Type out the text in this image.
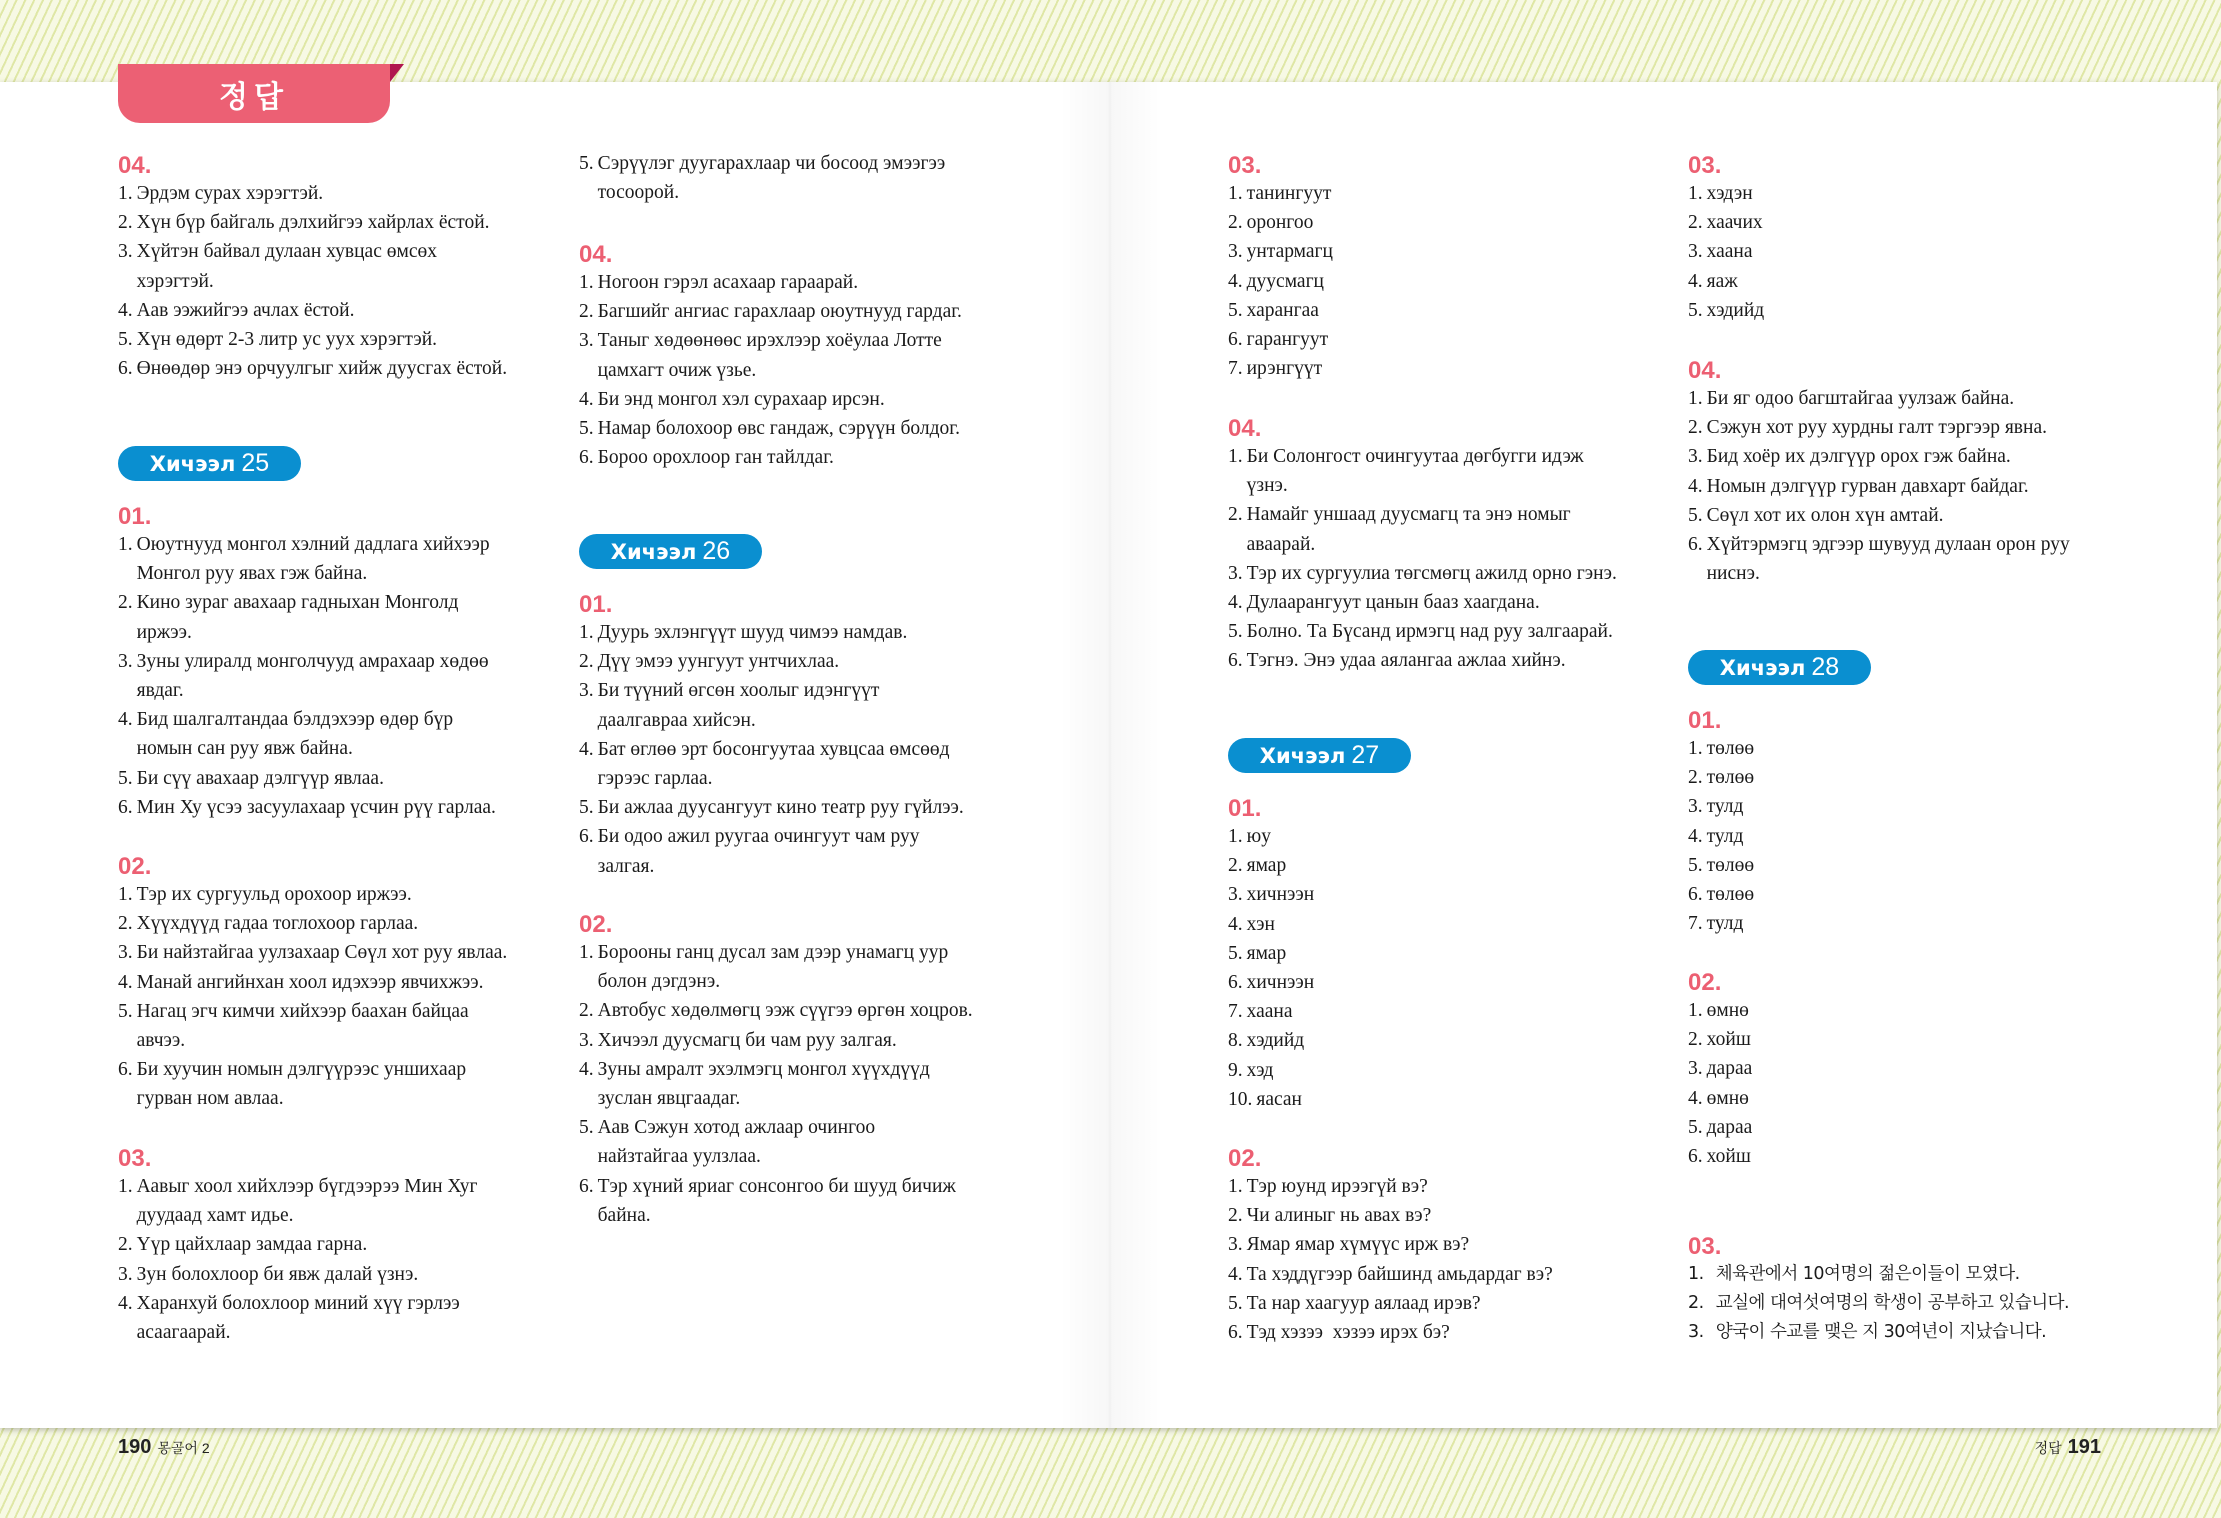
정답
04.
1. Эрдэм сурах хэрэгтэй.
2. Хүн бүр байгаль дэлхийгээ хайрлах ёстой.
3. Хүйтэн байвал дулаан хувцас өмсөх
хэрэгтэй.
4. Аав ээжийгээ ачлах ёстой.
5. Хүн өдөрт 2-3 литр ус уух хэрэгтэй.
6. Өнөөдөр энэ орчуулгыг хийж дуусгах ёстой.
Хичээл 25
01.
1. Оюутнууд монгол хэлний дадлага хийхээр
Монгол руу явах гэж байна.
2. Кино зураг авахаар гадныхан Монголд
иржээ.
3. Зуны улиралд монголчууд амрахаар хөдөө
явдаг.
4. Бид шалгалтандаа бэлдэхээр өдөр бүр
номын сан руу явж байна.
5. Би сүү авахаар дэлгүүр явлаа.
6. Мин Ху үсээ засуулахаар үсчин рүү гарлаа.
02.
1. Тэр их сургуульд орохоор иржээ.
2. Хүүхдүүд гадаа тоглохоор гарлаа.
3. Би найзтайгаа уулзахаар Сөүл хот руу явлаа.
4. Манай ангийнхан хоол идэхээр явчихжээ.
5. Нагац эгч кимчи хийхээр баахан байцаа
авчээ.
6. Би хуучин номын дэлгүүрээс уншихаар
гурван ном авлаа.
03.
1. Аавыг хоол хийхлээр бүгдээрээ Мин Хуг
дуудаад хамт идье.
2. Үүр цайхлаар замдаа гарна.
3. Зун болохлоор би явж далай үзнэ.
4. Харанхуй болохлоор миний хүү гэрлээ
асаагаарай.
5. Сэрүүлэг дуугарахлаар чи босоод эмээгээ
тосоорой.
04.
1. Ногоон гэрэл асахаар гараарай.
2. Багшийг ангиас гарахлаар оюутнууд гардаг.
3. Таныг хөдөөнөөс ирэхлээр хоёулаа Лотте
цамхагт очиж үзье.
4. Би энд монгол хэл сурахаар ирсэн.
5. Намар болохоор өвс гандаж, сэрүүн болдог.
6. Бороо орохлоор ган тайлдаг.
Хичээл 26
01.
1. Дуурь эхлэнгүүт шууд чимээ намдав.
2. Дүү эмээ уунгуут унтчихлаа.
3. Би түүний өгсөн хоолыг идэнгүүт
даалгавраа хийсэн.
4. Бат өглөө эрт босонгуутаа хувцсаа өмсөөд
гэрээс гарлаа.
5. Би ажлаа дуусангуут кино театр руу гүйлээ.
6. Би одоо ажил руугаа очингуут чам руу
залгая.
02.
1. Борооны ганц дусал зам дээр унамагц уур
болон дэгдэнэ.
2. Автобус хөдөлмөгц ээж сүүгээ өргөн хоцров.
3. Хичээл дуусмагц би чам руу залгая.
4. Зуны амралт эхэлмэгц монгол хүүхдүүд
зуслан явцгаадаг.
5. Аав Сэжун хотод ажлаар очингоо
найзтайгаа уулзлаа.
6. Тэр хүний яриаг сонсонгоо би шууд бичиж
байна.
03.
1. танингуут
2. оронгоо
3. унтармагц
4. дуусмагц
5. харангаа
6. гарангуут
7. ирэнгүүт
04.
1. Би Солонгост очингуутаа дөгбугги идэж
үзнэ.
2. Намайг уншаад дуусмагц та энэ номыг
аваарай.
3. Тэр их сургуулиа төгсмөгц ажилд орно гэнэ.
4. Дулаарангуут цанын бааз хаагдана.
5. Болно. Та Бүсанд ирмэгц над руу залгаарай.
6. Тэгнэ. Энэ удаа аялангаа ажлаа хийнэ.
Хичээл 27
01.
1. юу
2. ямар
3. хичнээн
4. хэн
5. ямар
6. хичнээн
7. хаана
8. хэдийд
9. хэд
10. яасан
02.
1. Тэр юунд ирээгүй вэ?
2. Чи алиныг нь авах вэ?
3. Ямар ямар хүмүүс ирж вэ?
4. Та хэддүгээр байшинд амьдардаг вэ?
5. Та нар хаагуур аялаад ирэв?
6. Тэд хэзээ  хэзээ ирэх бэ?
03.
1. хэдэн
2. хаачих
3. хаана
4. яаж
5. хэдийд
04.
1. Би яг одоо багштайгаа уулзаж байна.
2. Сэжун хот руу хурдны галт тэргээр явна.
3. Бид хоёр их дэлгүүр орох гэж байна.
4. Номын дэлгүүр гурван давхарт байдаг.
5. Сөүл хот их олон хүн амтай.
6. Хүйтэрмэгц эдгээр шувууд дулаан орон руу
ниснэ.
Хичээл 28
01.
1. төлөө
2. төлөө
3. тулд
4. тулд
5. төлөө
6. төлөө
7. тулд
02.
1. өмнө
2. хойш
3. дараа
4. өмнө
5. дараа
6. хойш
03.
1. 체육관에서 10여명의 젊은이들이 모였다.
2. 교실에 대여섯여명의 학생이 공부하고 있습니다.
3. 양국이 수교를 맺은 지 30여년이 지났습니다.
190 몽골어 2	정답 191
